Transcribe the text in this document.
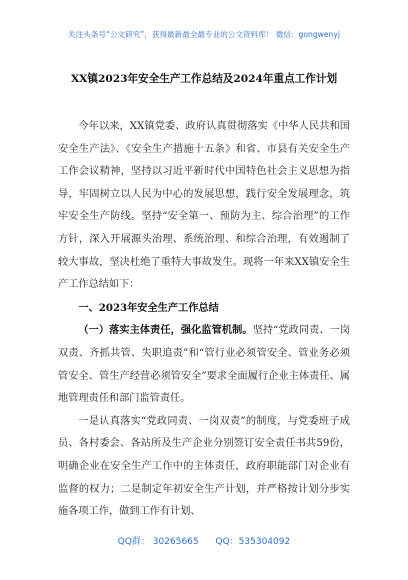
关注头条号“公文研究”，获得最新最全最专业的公文资料库！ 微信：gongwenyj
XX镇2023年安全生产工作总结及2024年重点工作计划

今年以来，XX镇党委、政府认真贯彻落实《中华人民共和国安全生产法》、《安全生产措施十五条》和省、市县有关安全生产工作会议精神，坚持以习近平新时代中国特色社会主义思想为指导，牢固树立以人民为中心的发展思想，践行安全发展理念，筑牢安全生产防线。坚持“安全第一、预防为主、综合治理”的工作方针，深入开展源头治理、系统治理、和综合治理，有效遏制了较大事故，坚决杜绝了重特大事故发生。现将一年来XX镇安全生产工作总结如下：

一、2023年安全生产工作总结

（一）落实主体责任，强化监管机制。坚持“党政同责、一岗双责、齐抓共管、失职追责”和“管行业必须管安全、管业务必须管安全、管生产经营必须管安全”要求全面履行企业主体责任、属地管理责任和部门监管责任。

一是认真落实“党政同责、一岗双责”的制度，与党委班子成员、各村委会、各站所及生产企业分别签订安全责任书共59份，明确企业在安全生产工作中的主体责任，政府职能部门对企业有监督的权力；二是制定年初安全生产计划，并严格按计划分步实施各项工作，做到工作有计划、

QQ群： 30265665 QQ：535304092
